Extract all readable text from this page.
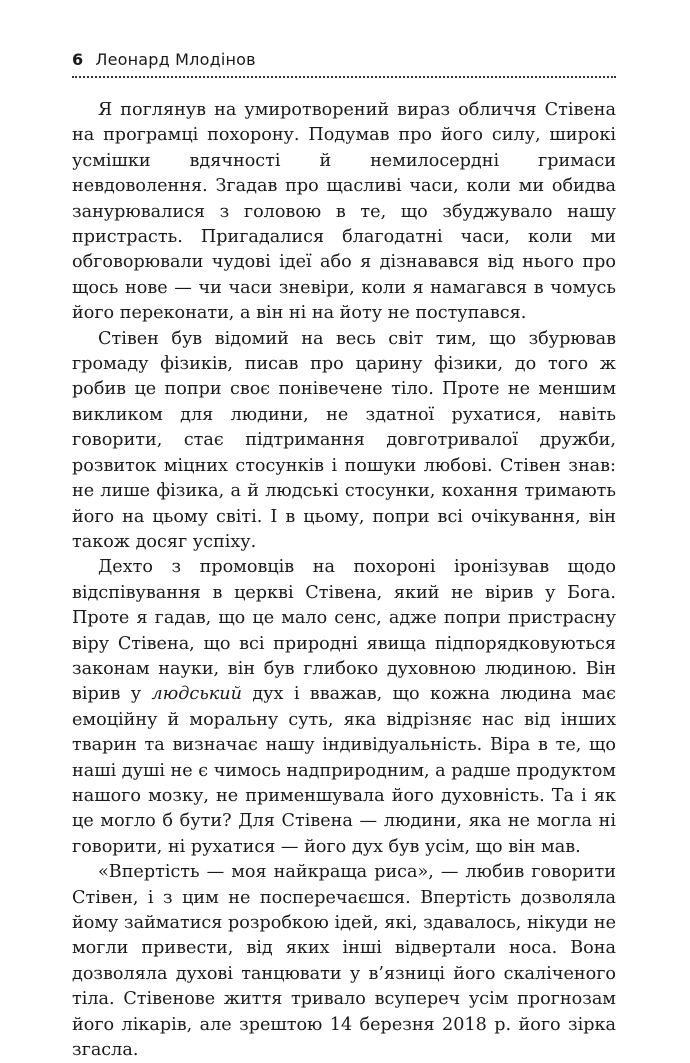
6 Леонард Млодінов

Я поглянув на умиротворений вираз обличчя Стівена на програмці похорону. Подумав про його силу, широкі усмішки вдячності й немилосердні гримаси невдоволення. Згадав про щасливі часи, коли ми обидва занурювалися з головою в те, що збуджувало нашу пристрасть. Пригадалися благодатні часи, коли ми обговорювали чудові ідеї або я дізнавався від нього про щось нове — чи часи зневіри, коли я намагався в чомусь його переконати, а він ні на йоту не поступався.

Стівен був відомий на весь світ тим, що збурював громаду фізиків, писав про царину фізики, до того ж робив це попри своє понівечене тіло. Проте не меншим викликом для людини, не здатної рухатися, навіть говорити, стає підтримання довготривалої дружби, розвиток міцних стосунків і пошуки любові. Стівен знав: не лише фізика, а й людські стосунки, кохання тримають його на цьому світі. І в цьому, попри всі очікування, він також досяг успіху.

Дехто з промовців на похороні іронізував щодо відспівування в церкві Стівена, який не вірив у Бога. Проте я гадав, що це мало сенс, адже попри пристрасну віру Стівена, що всі природні явища підпорядковуються законам науки, він був глибоко духовною людиною. Він вірив у людський дух і вважав, що кожна людина має емоційну й моральну суть, яка відрізняє нас від інших тварин та визначає нашу індивідуальність. Віра в те, що наші душі не є чимось надприродним, а радше продуктом нашого мозку, не применшувала його духовність. Та і як це могло б бути? Для Стівена — людини, яка не могла ні говорити, ні рухатися — його дух був усім, що він мав.

«Впертість — моя найкраща риса», — любив говорити Стівен, і з цим не посперечаєшся. Впертість дозволяла йому займатися розробкою ідей, які, здавалось, нікуди не могли привести, від яких інші відвертали носа. Вона дозволяла духові танцювати у в’язниці його скаліченого тіла. Стівенове життя тривало всупереч усім прогнозам його лікарів, але зрештою 14 березня 2018 р. його зірка згасла.
